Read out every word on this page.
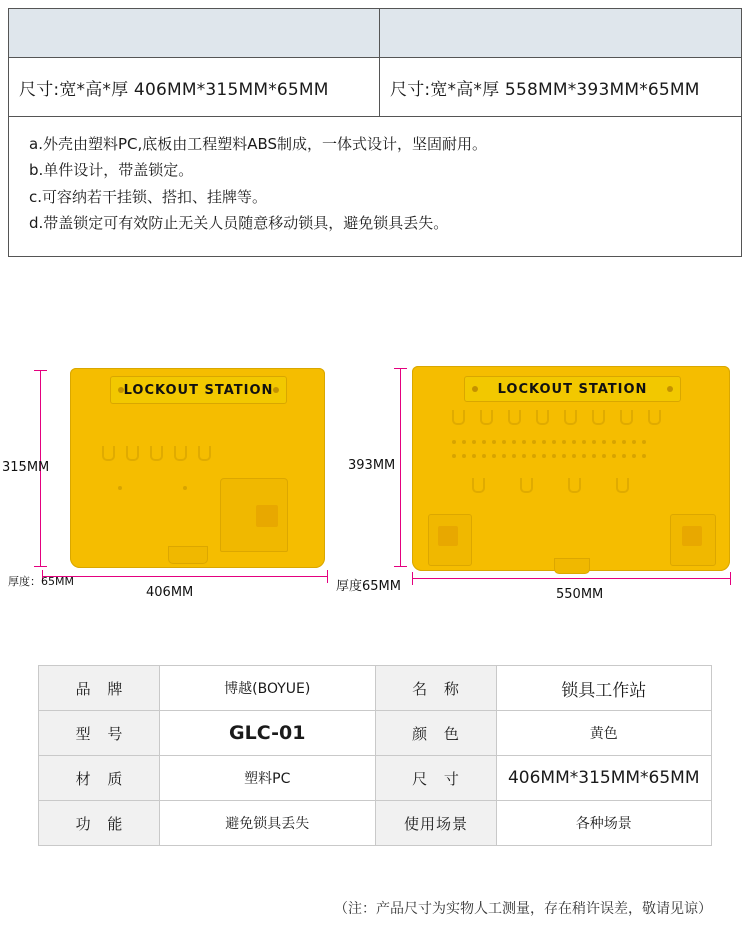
尺寸:宽*高*厚 406MM*315MM*65MM	尺寸:宽*高*厚 558MM*393MM*65MM

a.外壳由塑料PC,底板由工程塑料ABS制成，一体式设计，坚固耐用。
b.单件设计，带盖锁定。
c.可容纳若干挂锁、搭扣、挂牌等。
d.带盖锁定可有效防止无关人员随意移动锁具，避免锁具丢失。	
LOCKOUT STATION
315MM
406MM
厚度：65MM
LOCKOUT STATION
393MM
550MM
厚度65MM
品 牌	博越(BOYUE)	名 称	锁具工作站
型 号	GLC-01	颜 色	黄色
材 质	塑料PC	尺 寸	406MM*315MM*65MM
功 能	避免锁具丢失	使用场景	各种场景
（注：产品尺寸为实物人工测量，存在稍许误差，敬请见谅）
